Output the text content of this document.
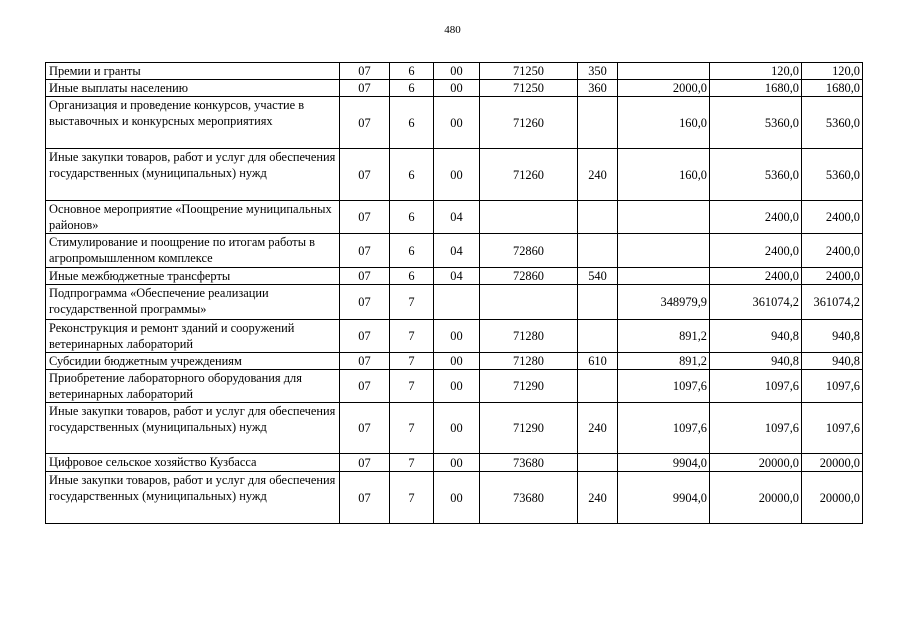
480
Премии и гранты	07	6	00	71250	350		120,0	120,0
Иные выплаты населению	07	6	00	71250	360	2000,0	1680,0	1680,0
Организация и проведение конкурсов, участие в выставочных и конкурсных мероприятиях	07	6	00	71260		160,0	5360,0	5360,0
Иные закупки товаров, работ и услуг для обеспечения государственных (муниципальных) нужд	07	6	00	71260	240	160,0	5360,0	5360,0
Основное мероприятие «Поощрение муниципальных районов»	07	6	04				2400,0	2400,0
Стимулирование и поощрение по итогам работы в агропромышленном комплексе	07	6	04	72860			2400,0	2400,0
Иные межбюджетные трансферты	07	6	04	72860	540		2400,0	2400,0
Подпрограмма «Обеспечение реализации государственной программы»	07	7				348979,9	361074,2	361074,2
Реконструкция и ремонт зданий и сооружений ветеринарных лабораторий	07	7	00	71280		891,2	940,8	940,8
Субсидии бюджетным учреждениям	07	7	00	71280	610	891,2	940,8	940,8
Приобретение лабораторного оборудования для ветеринарных лабораторий	07	7	00	71290		1097,6	1097,6	1097,6
Иные закупки товаров, работ и услуг для обеспечения государственных (муниципальных) нужд	07	7	00	71290	240	1097,6	1097,6	1097,6
Цифровое сельское хозяйство Кузбасса	07	7	00	73680		9904,0	20000,0	20000,0
Иные закупки товаров, работ и услуг для обеспечения государственных (муниципальных) нужд	07	7	00	73680	240	9904,0	20000,0	20000,0
